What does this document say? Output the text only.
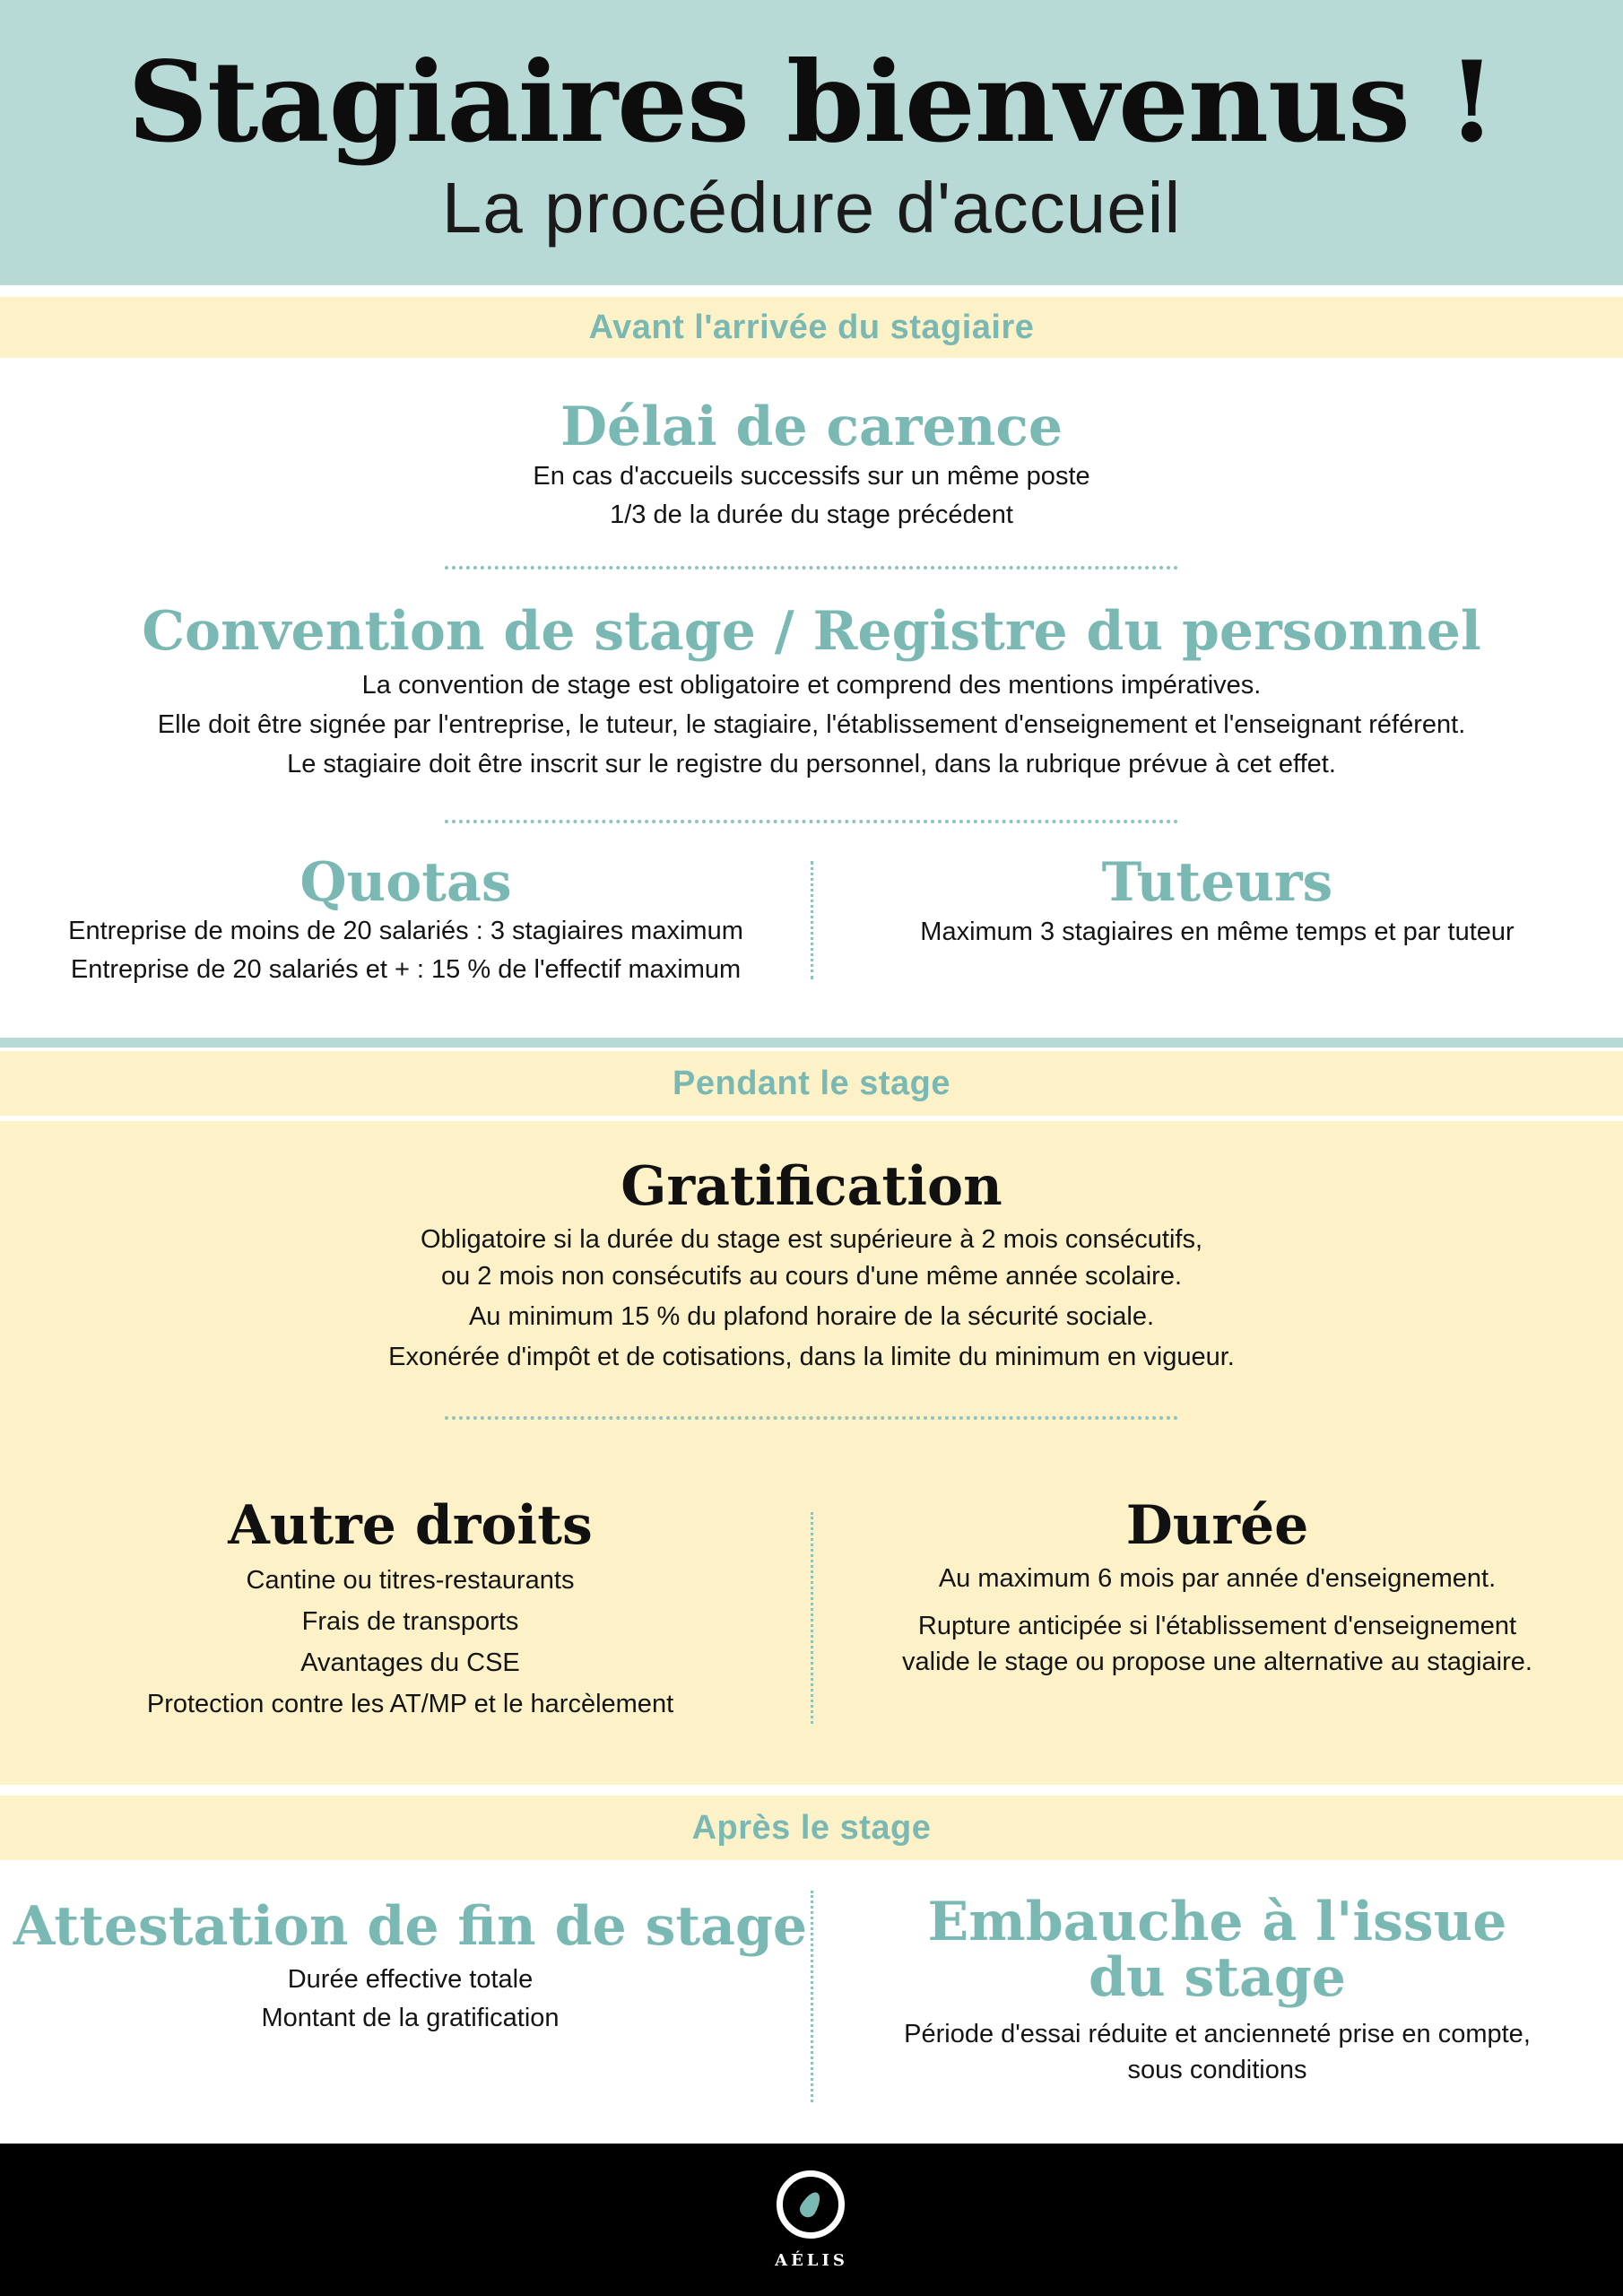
Stagiaires bienvenus !
La procédure d'accueil
Avant l'arrivée du stagiaire
Délai de carence
En cas d'accueils successifs sur un même poste
1/3 de la durée du stage précédent
Convention de stage / Registre du personnel
La convention de stage est obligatoire et comprend des mentions impératives.
Elle doit être signée par l'entreprise, le tuteur, le stagiaire, l'établissement d'enseignement et l'enseignant référent.
Le stagiaire doit être inscrit sur le registre du personnel, dans la rubrique prévue à cet effet.
Quotas
Entreprise de moins de 20 salariés : 3 stagiaires maximum
Entreprise de 20 salariés et + : 15 % de l'effectif maximum
Tuteurs
Maximum 3 stagiaires en même temps et par tuteur
Pendant le stage
Gratification
Obligatoire si la durée du stage est supérieure à 2 mois consécutifs,
ou 2 mois non consécutifs au cours d'une même année scolaire.
Au minimum 15 % du plafond horaire de la sécurité sociale.
Exonérée d'impôt et de cotisations, dans la limite du minimum en vigueur.
Autre droits
Cantine ou titres-restaurants
Frais de transports
Avantages du CSE
Protection contre les AT/MP et le harcèlement
Durée
Au maximum 6 mois par année d'enseignement.
Rupture anticipée si l'établissement d'enseignement
valide le stage ou propose une alternative au stagiaire.
Après le stage
Attestation de fin de stage
Durée effective totale
Montant de la gratification
Embauche à l'issue
du stage
Période d'essai réduite et ancienneté prise en compte,
sous conditions
AÉLIS
